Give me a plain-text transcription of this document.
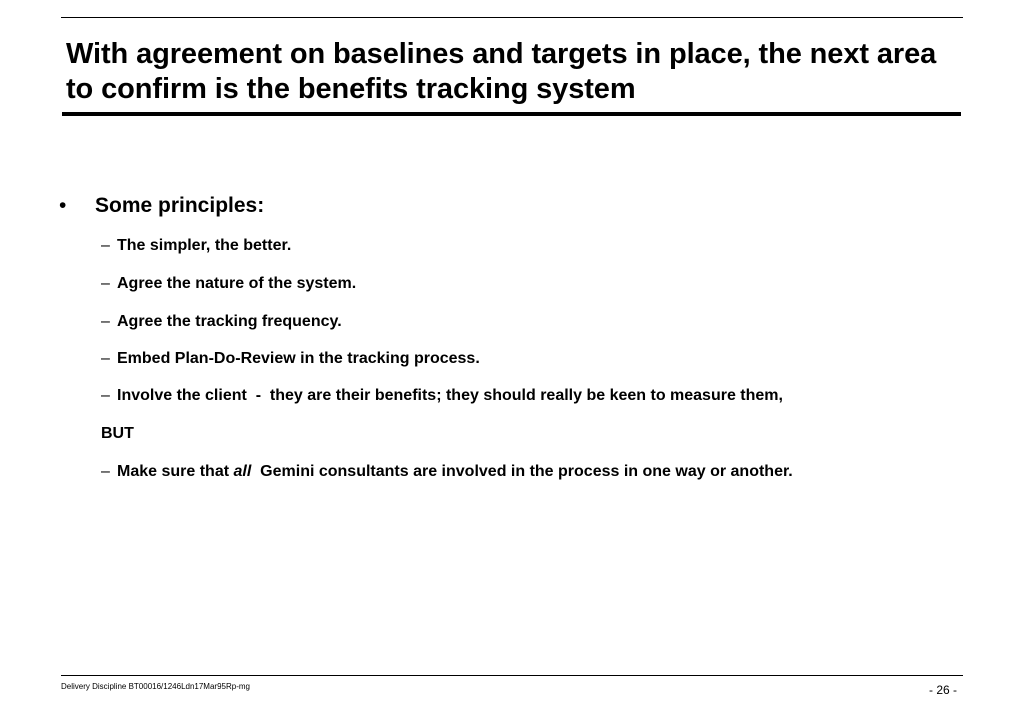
With agreement on baselines and targets in place, the next area to confirm is the benefits tracking system
• Some principles:
– The simpler, the better.
– Agree the nature of the system.
– Agree the tracking frequency.
– Embed Plan-Do-Review in the tracking process.
– Involve the client  -  they are their benefits; they should really be keen to measure them,
BUT
– Make sure that all  Gemini consultants are involved in the process in one way or another.
Delivery Discipline BT00016/1246Ldn17Mar95Rp-mg	- 26 -
